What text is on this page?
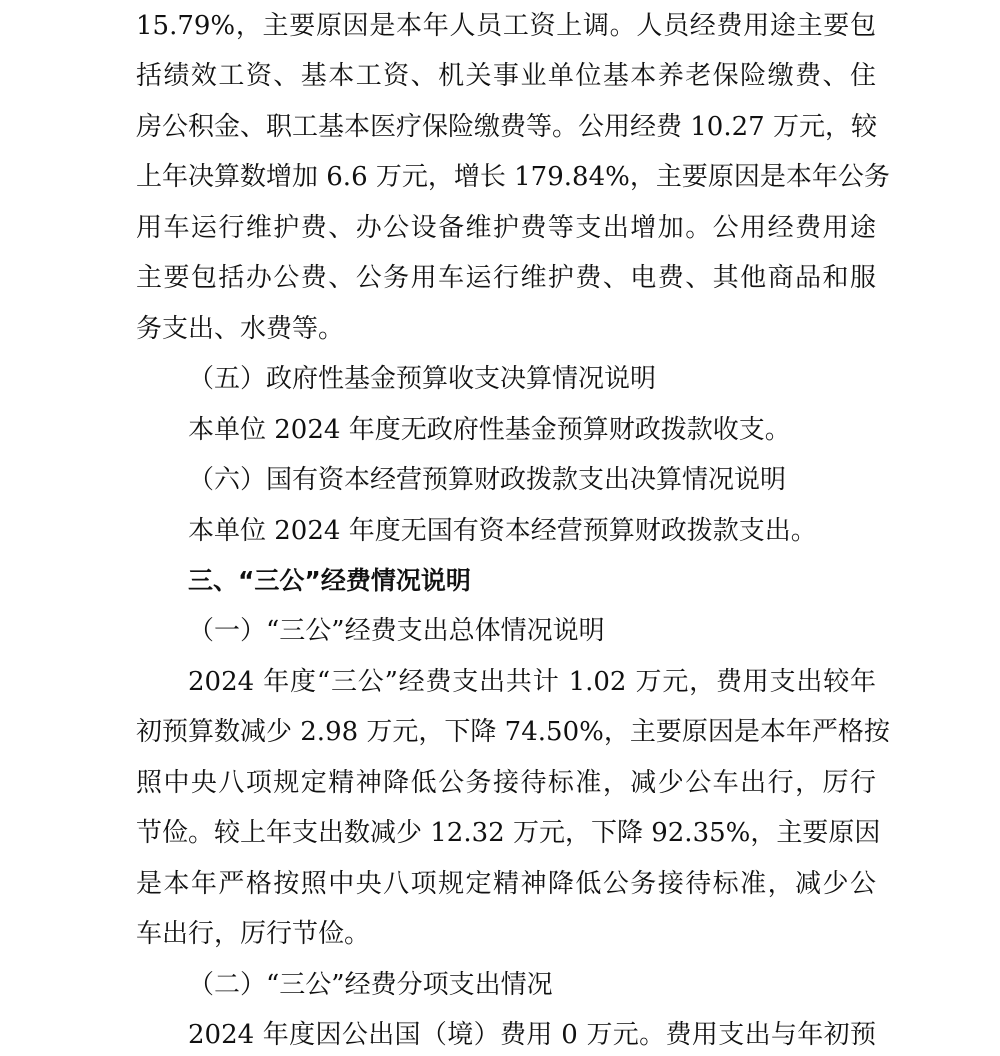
15.79%，主要原因是本年人员工资上调。人员经费用途主要包
括绩效工资、基本工资、机关事业单位基本养老保险缴费、住
房公积金、职工基本医疗保险缴费等。公用经费 10.27 万元，较
上年决算数增加 6.6 万元，增长 179.84%，主要原因是本年公务
用车运行维护费、办公设备维护费等支出增加。公用经费用途
主要包括办公费、公务用车运行维护费、电费、其他商品和服
务支出、水费等。
（五）政府性基金预算收支决算情况说明
本单位 2024 年度无政府性基金预算财政拨款收支。
（六）国有资本经营预算财政拨款支出决算情况说明
本单位 2024 年度无国有资本经营预算财政拨款支出。
三、“三公”经费情况说明
（一）“三公”经费支出总体情况说明
2024 年度“三公”经费支出共计 1.02 万元，费用支出较年
初预算数减少 2.98 万元，下降 74.50%，主要原因是本年严格按
照中央八项规定精神降低公务接待标准，减少公车出行，厉行
节俭。较上年支出数减少 12.32 万元，下降 92.35%，主要原因
是本年严格按照中央八项规定精神降低公务接待标准，减少公
车出行，厉行节俭。
（二）“三公”经费分项支出情况
2024 年度因公出国（境）费用 0 万元。费用支出与年初预
